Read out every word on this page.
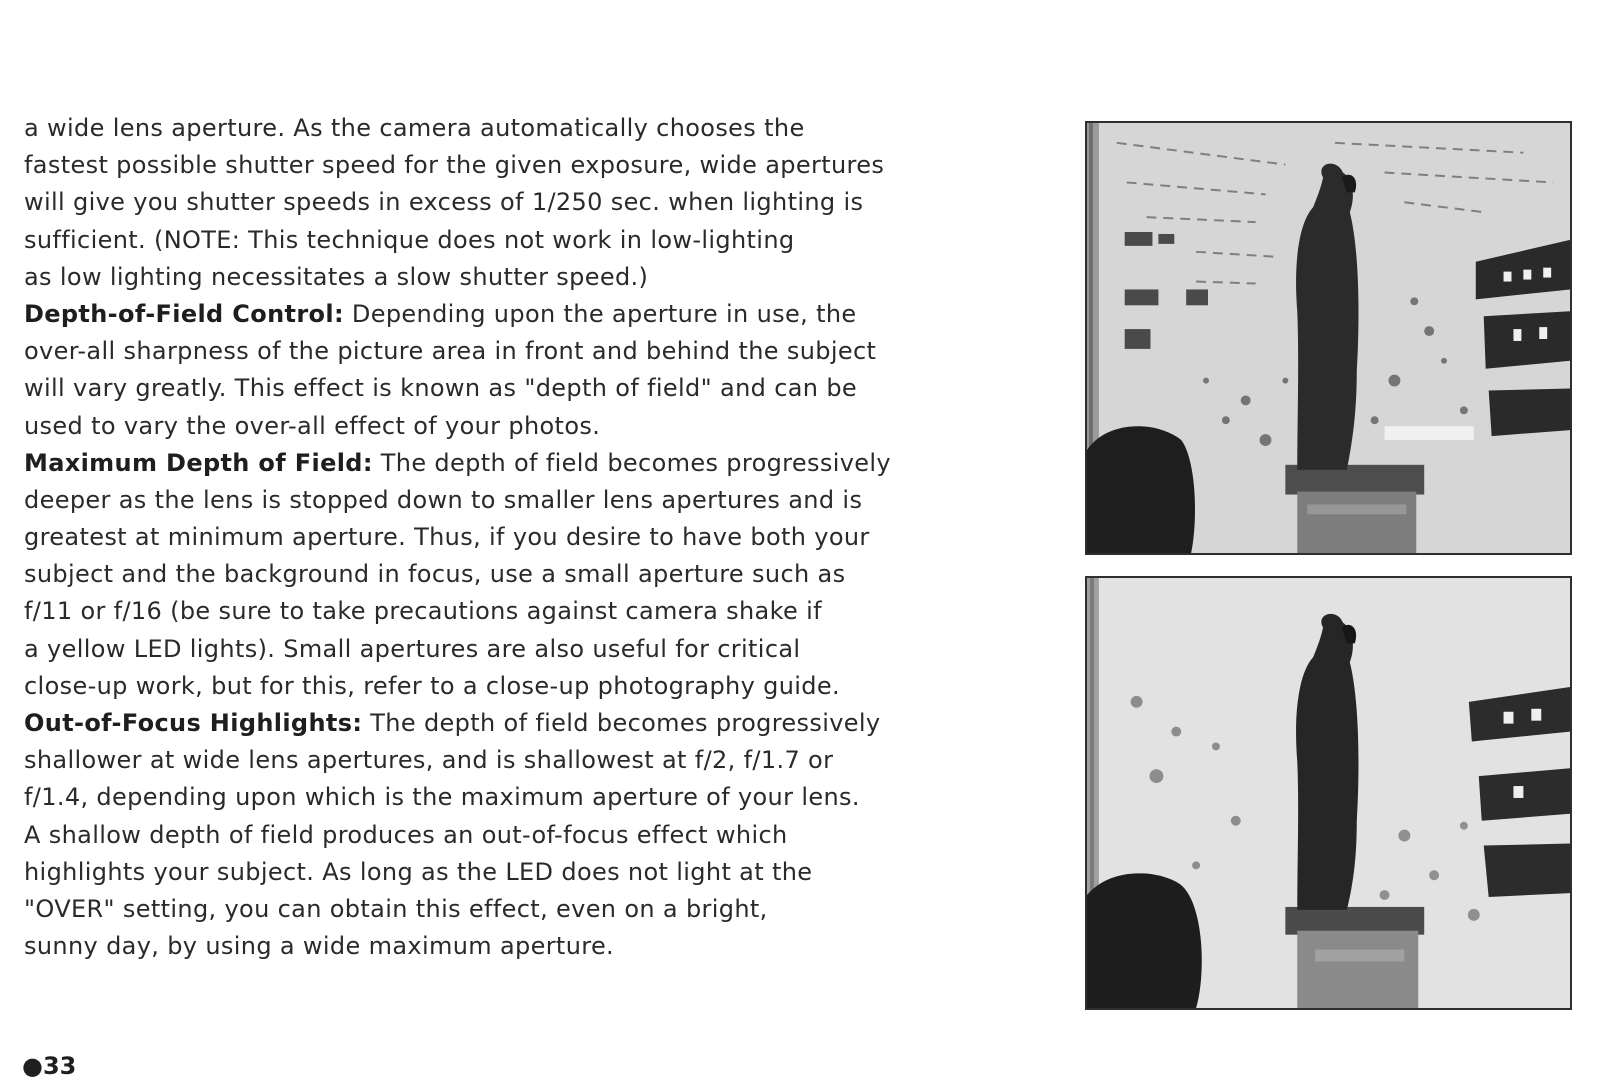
a wide lens aperture. As the camera automatically chooses the
fastest possible shutter speed for the given exposure, wide apertures
will give you shutter speeds in excess of 1/250 sec. when lighting is
sufficient. (NOTE: This technique does not work in low-lighting
as low lighting necessitates a slow shutter speed.)
Depth-of-Field Control: Depending upon the aperture in use, the
over-all sharpness of the picture area in front and behind the subject
will vary greatly. This effect is known as "depth of field" and can be
used to vary the over-all effect of your photos.
Maximum Depth of Field: The depth of field becomes progressively
deeper as the lens is stopped down to smaller lens apertures and is
greatest at minimum aperture. Thus, if you desire to have both your
subject and the background in focus, use a small aperture such as
f/11 or f/16 (be sure to take precautions against camera shake if
a yellow LED lights). Small apertures are also useful for critical
close-up work, but for this, refer to a close-up photography guide.
Out-of-Focus Highlights: The depth of field becomes progressively
shallower at wide lens apertures, and is shallowest at f/2, f/1.7 or
f/1.4, depending upon which is the maximum aperture of your lens.
A shallow depth of field produces an out-of-focus effect which
highlights your subject. As long as the LED does not light at the
"OVER" setting, you can obtain this effect, even on a bright,
sunny day, by using a wide maximum aperture.
●33
